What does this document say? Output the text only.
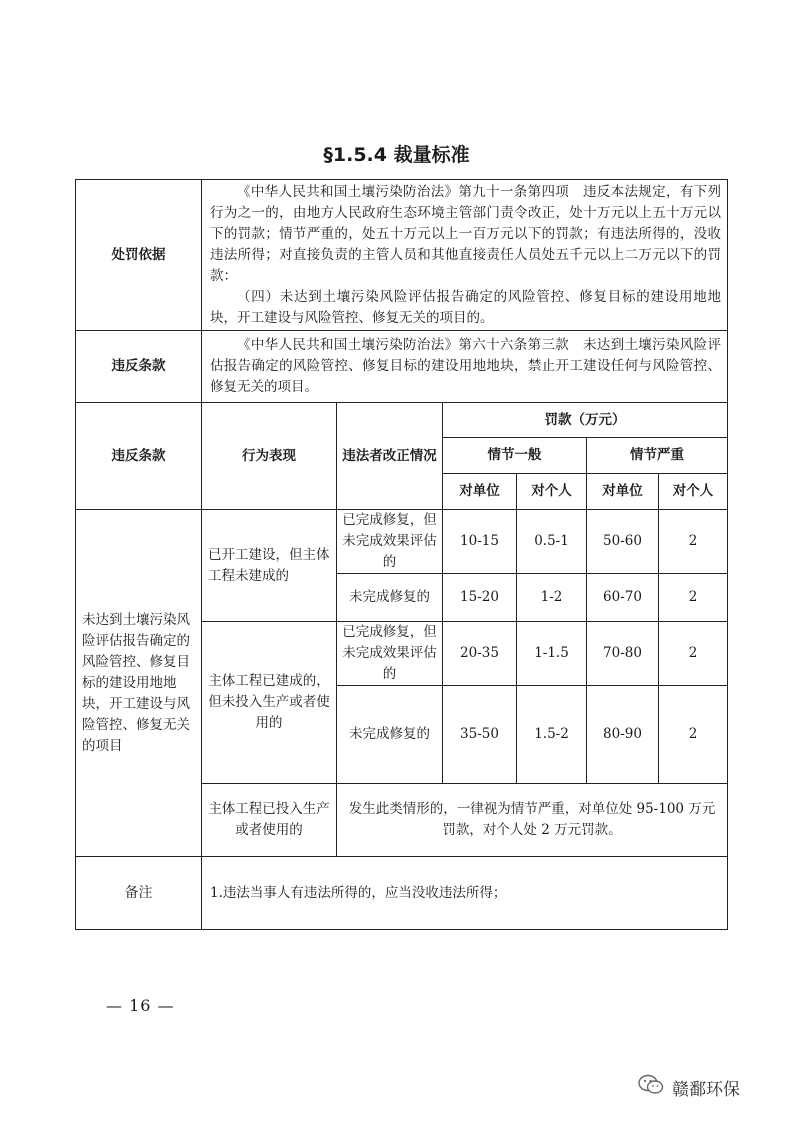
§1.5.4 裁量标准
处罚依据	《中华人民共和国土壤污染防治法》第九十一条第四项　违反本法规定，有下列行为之一的，由地方人民政府生态环境主管部门责令改正，处十万元以上五十万元以下的罚款；情节严重的，处五十万元以上一百万元以下的罚款；有违法所得的，没收违法所得；对直接负责的主管人员和其他直接责任人员处五千元以上二万元以下的罚款：

（四）未达到土壤污染风险评估报告确定的风险管控、修复目标的建设用地地块，开工建设与风险管控、修复无关的项目的。					

违反条款	《中华人民共和国土壤污染防治法》第六十六条第三款　未达到土壤污染风险评估报告确定的风险管控、修复目标的建设用地地块，禁止开工建设任何与风险管控、修复无关的项目。					
违反条款	行为表现	违法者改正情况	罚款（万元）			
			情节一般		情节严重	
			对单位	对个人	对单位	对个人
未达到土壤污染风险评估报告确定的风险管控、修复目标的建设用地地块，开工建设与风险管控、修复无关的项目	已开工建设，但主体工程未建成的	已完成修复，但未完成效果评估的	10-15	0.5-1	50-60	2
		未完成修复的	15-20	1-2	60-70	2
	主体工程已建成的，但未投入生产或者使用的	已完成修复，但未完成效果评估的	20-35	1-1.5	70-80	2
		未完成修复的	35-50	1.5-2	80-90	2
	主体工程已投入生产或者使用的	发生此类情形的，一律视为情节严重，对单位处 95-100 万元罚款，对个人处 2 万元罚款。				
备注	1.违法当事人有违法所得的，应当没收违法所得；					
— 16 —
赣鄱环保
